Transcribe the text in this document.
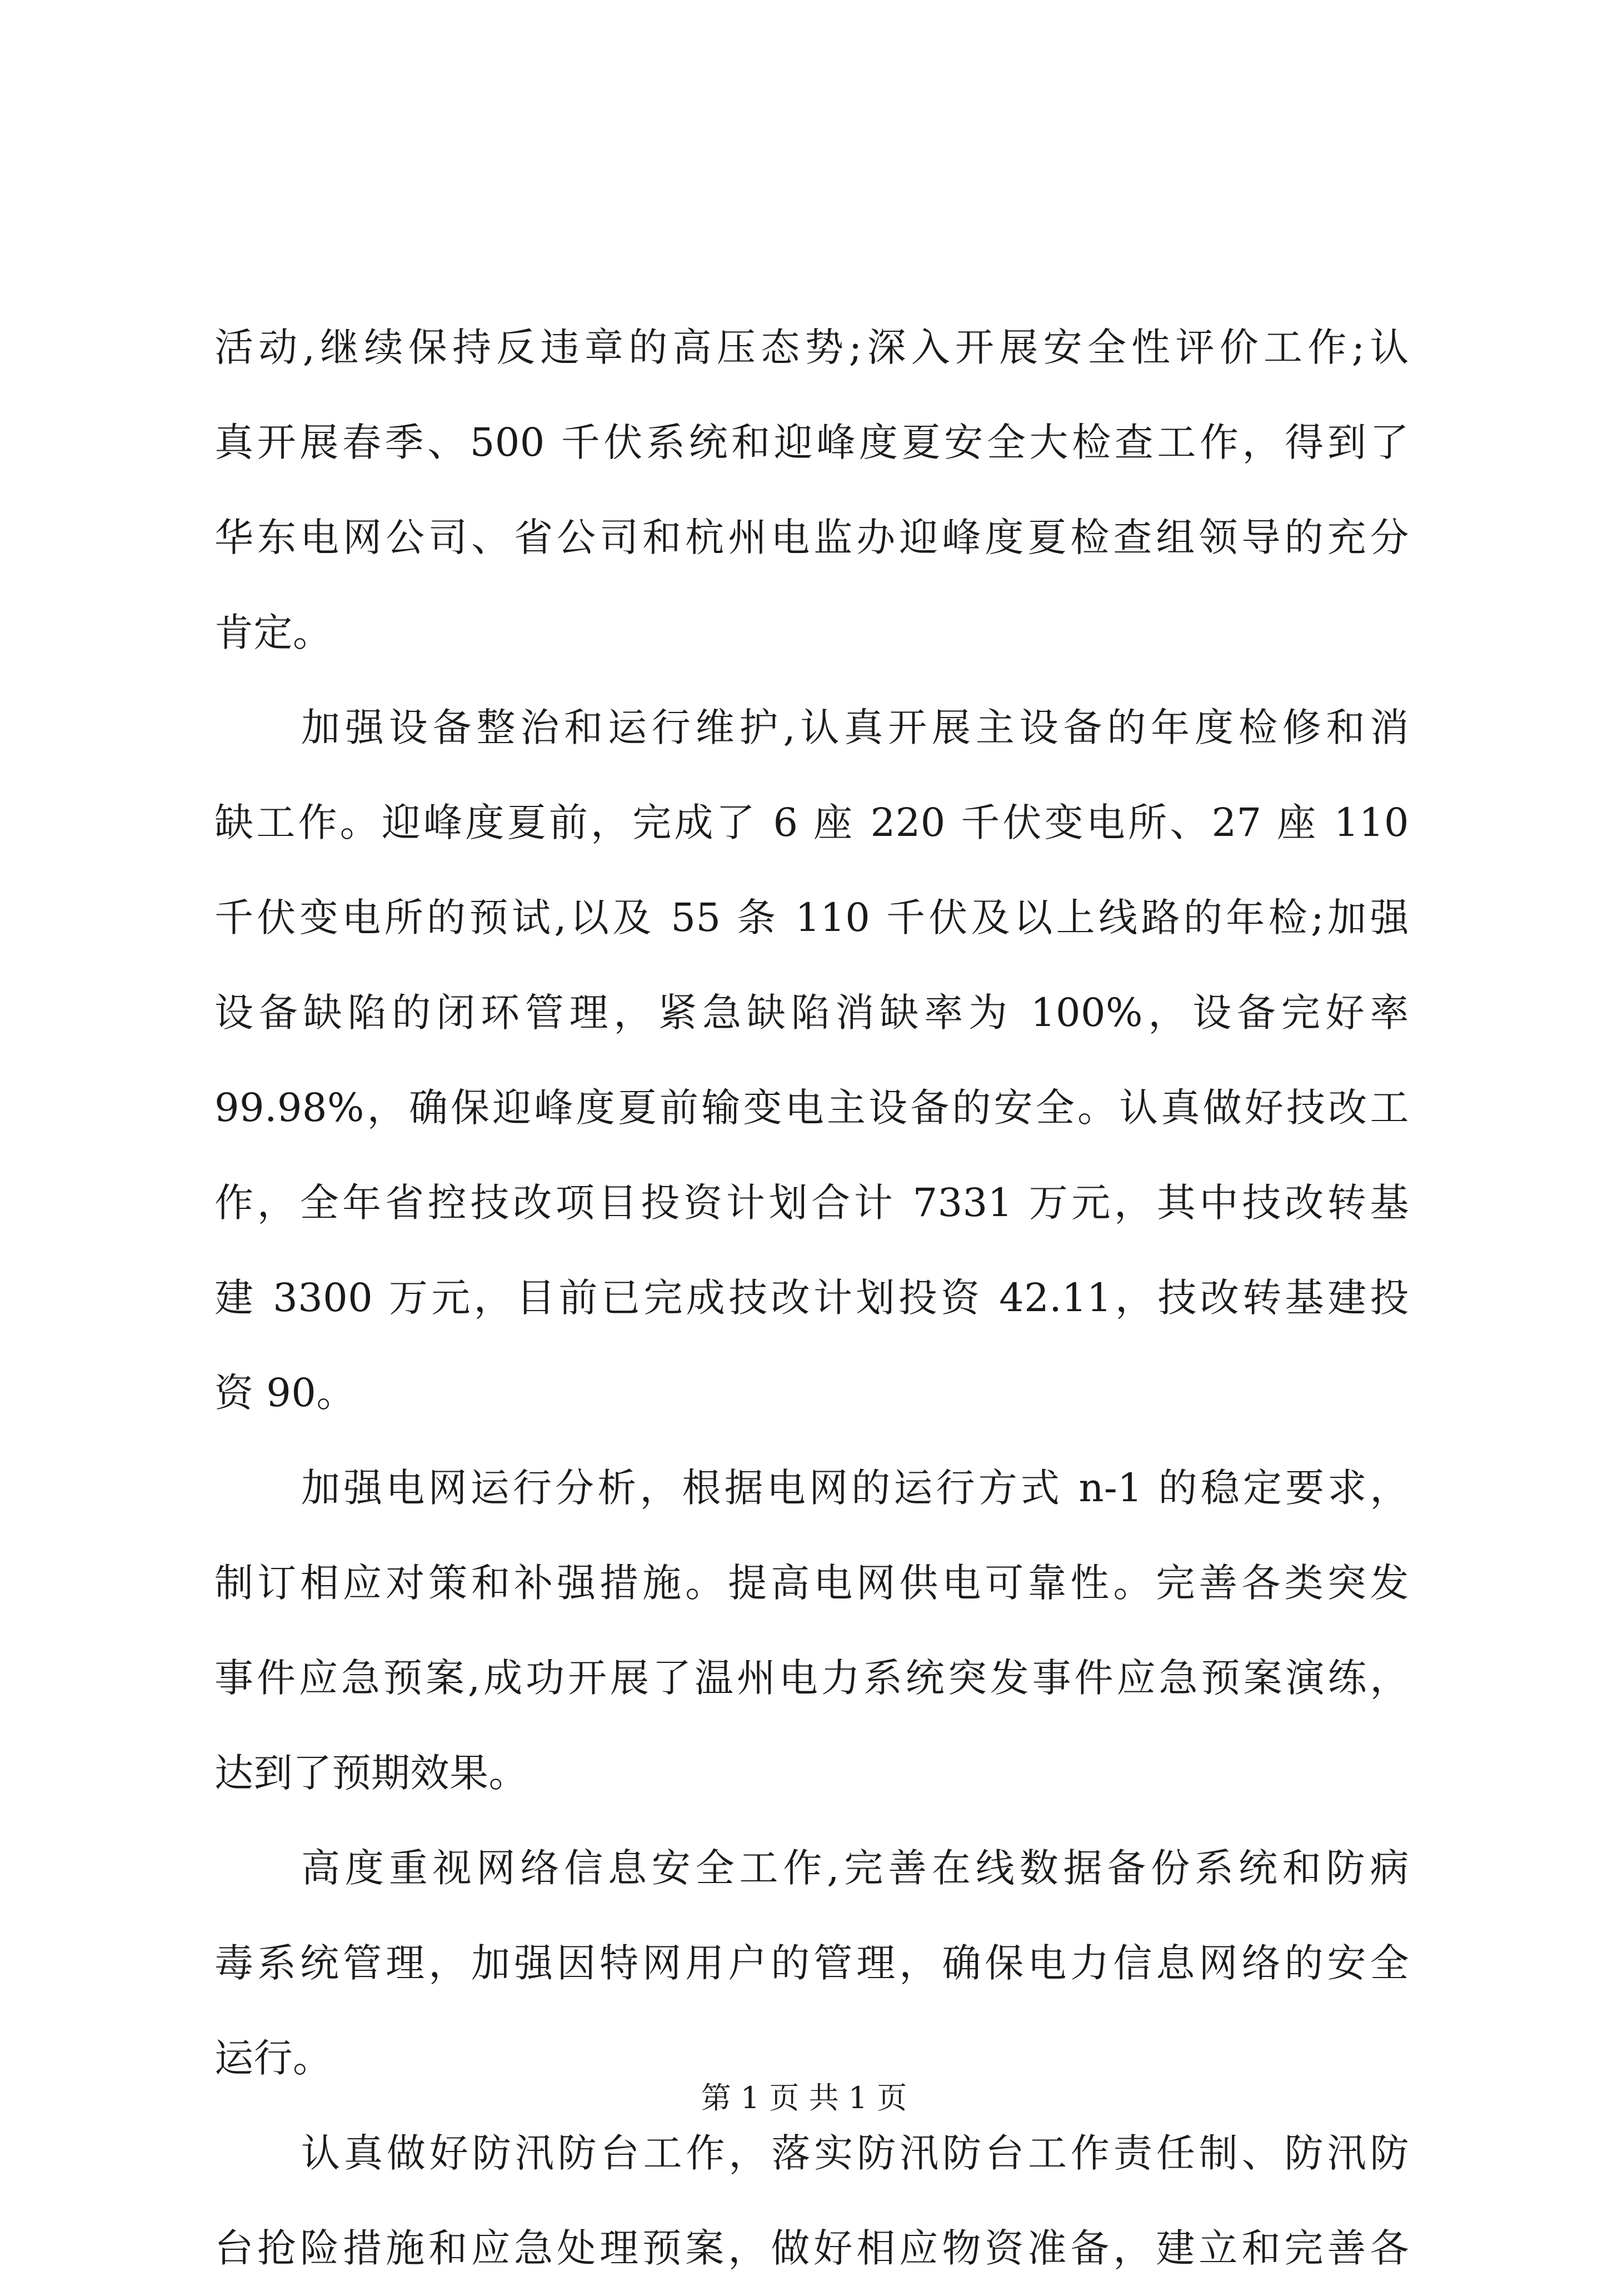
活动,继续保持反违章的高压态势;深入开展安全性评价工作;认
真开展春季、500 千伏系统和迎峰度夏安全大检查工作，得到了
华东电网公司、省公司和杭州电监办迎峰度夏检查组领导的充分
肯定。
加强设备整治和运行维护,认真开展主设备的年度检修和消
缺工作。迎峰度夏前，完成了 6 座 220 千伏变电所、27 座 110
千伏变电所的预试,以及 55 条 110 千伏及以上线路的年检;加强
设备缺陷的闭环管理，紧急缺陷消缺率为 100%，设备完好率
99.98%，确保迎峰度夏前输变电主设备的安全。认真做好技改工
作，全年省控技改项目投资计划合计 7331 万元，其中技改转基
建 3300 万元，目前已完成技改计划投资 42.11，技改转基建投
资 90。
加强电网运行分析，根据电网的运行方式 n-1 的稳定要求，
制订相应对策和补强措施。提高电网供电可靠性。完善各类突发
事件应急预案,成功开展了温州电力系统突发事件应急预案演练，
达到了预期效果。
高度重视网络信息安全工作,完善在线数据备份系统和防病
毒系统管理，加强因特网用户的管理，确保电力信息网络的安全
运行。
认真做好防汛防台工作，落实防汛防台工作责任制、防汛防
台抢险措施和应急处理预案，做好相应物资准备，建立和完善各
第 1 页 共 1 页
